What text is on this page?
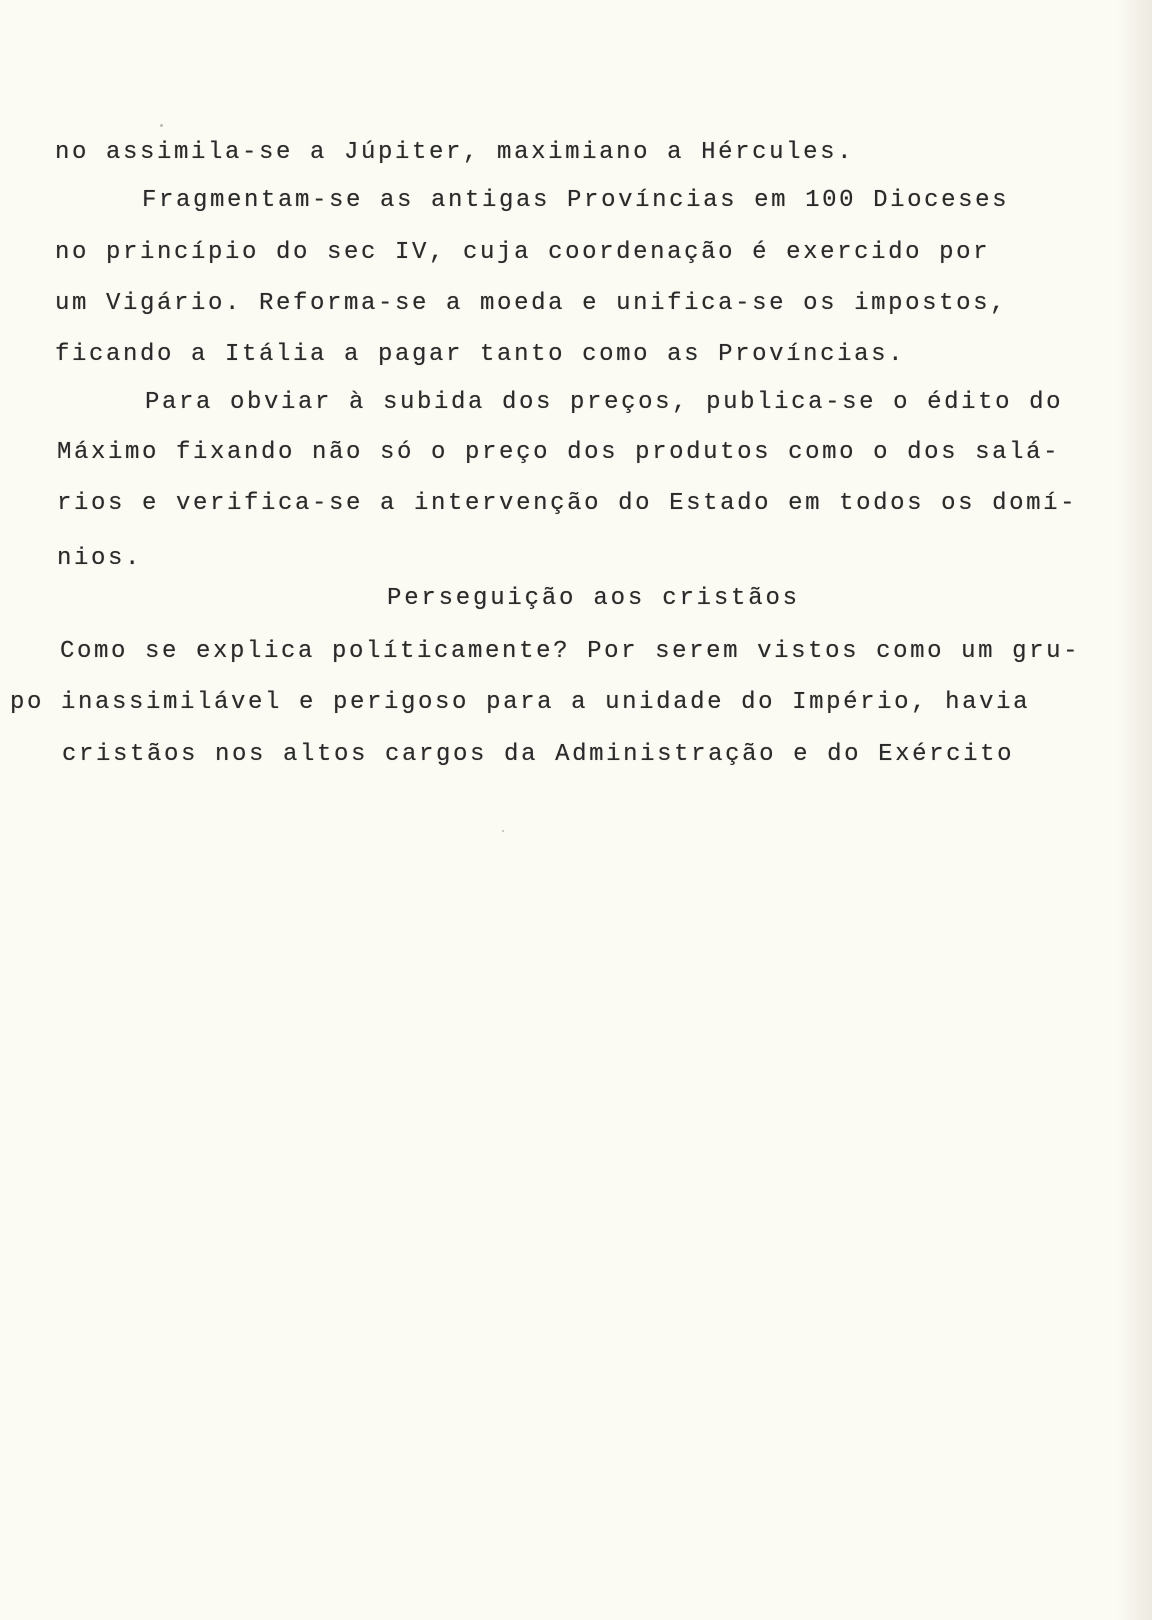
no assimila-se a Júpiter, maximiano a Hércules.
Fragmentam-se as antigas Províncias em 100 Dioceses
no princípio do sec IV, cuja coordenação é exercido por
um Vigário. Reforma-se a moeda e unifica-se os impostos,
ficando a Itália a pagar tanto como as Províncias.
Para obviar à subida dos preços, publica-se o édito do
Máximo fixando não só o preço dos produtos como o dos salá-
rios e verifica-se a intervenção do Estado em todos os domí-
nios.
Perseguição aos cristãos
Como se explica políticamente? Por serem vistos como um gru-
po inassimilável e perigoso para a unidade do Império, havia
cristãos nos altos cargos da Administração e do Exército
